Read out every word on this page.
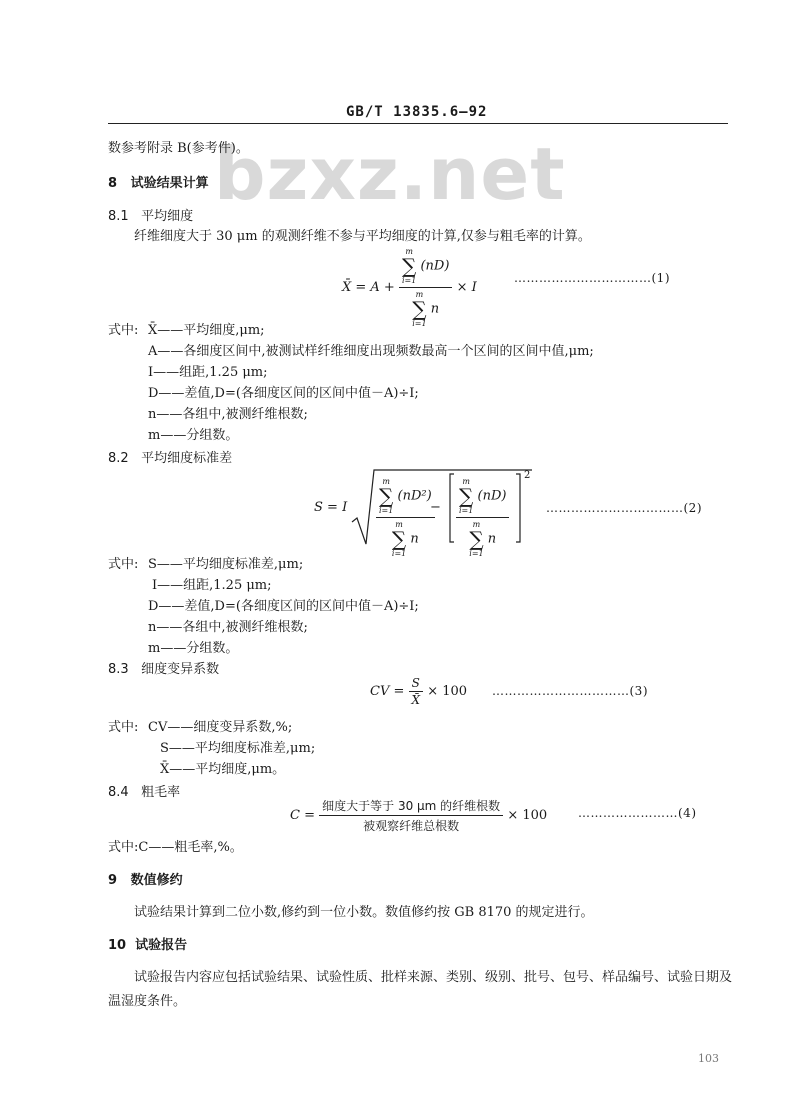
GB/T 13835.6—92
bzxz.net
数参考附录 B(参考件)。
8 试验结果计算
8.1 平均细度
纤维细度大于 30 μm 的观测纤维不参与平均细度的计算,仅参与粗毛率的计算。
X̄ = A +
m
∑
i=1 (nD)
m
∑
i=1 n
× I
……………………………(1)
式中: X̄——平均细度,μm;
A——各细度区间中,被测试样纤维细度出现频数最高一个区间的区间中值,μm;
I——组距,1.25 μm;
D——差值,D=(各细度区间的区间中值－A)÷I;
n——各组中,被测纤维根数;
m——分组数。
8.2 平均细度标准差
S = I
m
∑
i=1 (nD²)
m
∑
i=1 n
−
m
∑
i=1 (nD)
m
∑
i=1 n
2
……………………………(2)
式中: S——平均细度标准差,μm;
I——组距,1.25 μm;
D——差值,D=(各细度区间的区间中值－A)÷I;
n——各组中,被测纤维根数;
m——分组数。
8.3 细度变异系数
CV = $\frac{S}{X̄} \times 100$ ……………………………(3)
式中: CV——细度变异系数,%;
S——平均细度标准差,μm;
X̄——平均细度,μm。
8.4 粗毛率
$C = \frac{\text{细度大于等于 30 μm 的纤维根数}}{\text{被观察纤维总根数}} \times 100$	……………………(4)
式中:C——粗毛率,%。
9 数值修约
试验结果计算到二位小数,修约到一位小数。数值修约按 GB 8170 的规定进行。
10 试验报告
试验报告内容应包括试验结果、试验性质、批样来源、类别、级别、批号、包号、样品编号、试验日期及
温湿度条件。
103
